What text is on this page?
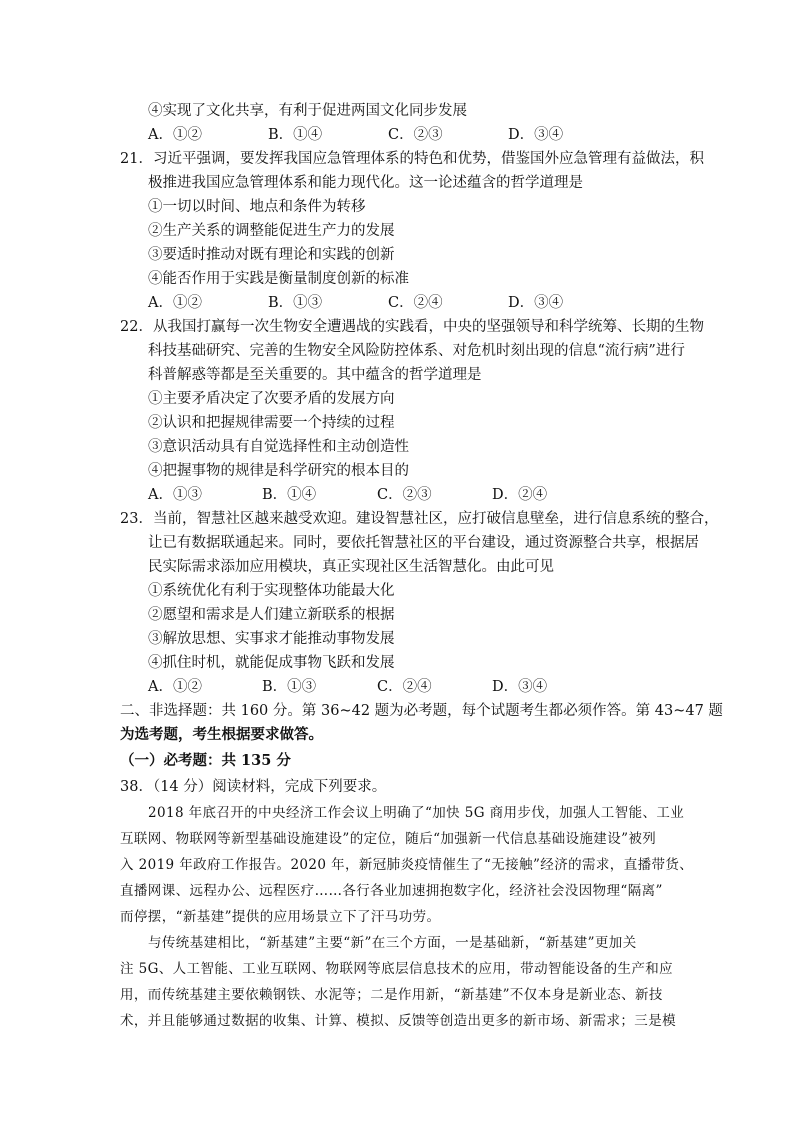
④实现了文化共享，有利于促进两国文化同步发展
A．①②	B．①④	C．②③	D．③④
21．习近平强调，要发挥我国应急管理体系的特色和优势，借鉴国外应急管理有益做法，积
极推进我国应急管理体系和能力现代化。这一论述蕴含的哲学道理是
①一切以时间、地点和条件为转移
②生产关系的调整能促进生产力的发展
③要适时推动对既有理论和实践的创新
④能否作用于实践是衡量制度创新的标准
A．①②	B．①③	C．②④	D．③④
22．从我国打赢每一次生物安全遭遇战的实践看，中央的坚强领导和科学统筹、长期的生物
科技基础研究、完善的生物安全风险防控体系、对危机时刻出现的信息“流行病”进行
科普解惑等都是至关重要的。其中蕴含的哲学道理是
①主要矛盾决定了次要矛盾的发展方向
②认识和把握规律需要一个持续的过程
③意识活动具有自觉选择性和主动创造性
④把握事物的规律是科学研究的根本目的
A．①③	B．①④	C．②③	D．②④
23．当前，智慧社区越来越受欢迎。建设智慧社区，应打破信息壁垒，进行信息系统的整合，
让已有数据联通起来。同时，要依托智慧社区的平台建设，通过资源整合共享，根据居
民实际需求添加应用模块，真正实现社区生活智慧化。由此可见
①系统优化有利于实现整体功能最大化
②愿望和需求是人们建立新联系的根据
③解放思想、实事求才能推动事物发展
④抓住时机，就能促成事物飞跃和发展
A．①②	B．①③	C．②④	D．③④
二、非选择题：共 160 分。第 36~42 题为必考题，每个试题考生都必须作答。第 43~47 题
为选考题，考生根据要求做答。
（一）必考题：共 135 分
38．（14 分）阅读材料，完成下列要求。
2018 年底召开的中央经济工作会议上明确了“加快 5G 商用步伐，加强人工智能、工业
互联网、物联网等新型基础设施建设”的定位，随后“加强新一代信息基础设施建设”被列
入 2019 年政府工作报告。2020 年，新冠肺炎疫情催生了“无接触”经济的需求，直播带货、
直播网课、远程办公、远程医疗……各行各业加速拥抱数字化，经济社会没因物理“隔离”
而停摆，“新基建”提供的应用场景立下了汗马功劳。
与传统基建相比，“新基建”主要“新”在三个方面，一是基础新，“新基建”更加关
注 5G、人工智能、工业互联网、物联网等底层信息技术的应用，带动智能设备的生产和应
用，而传统基建主要依赖钢铁、水泥等；二是作用新，“新基建”不仅本身是新业态、新技
术，并且能够通过数据的收集、计算、模拟、反馈等创造出更多的新市场、新需求；三是模
